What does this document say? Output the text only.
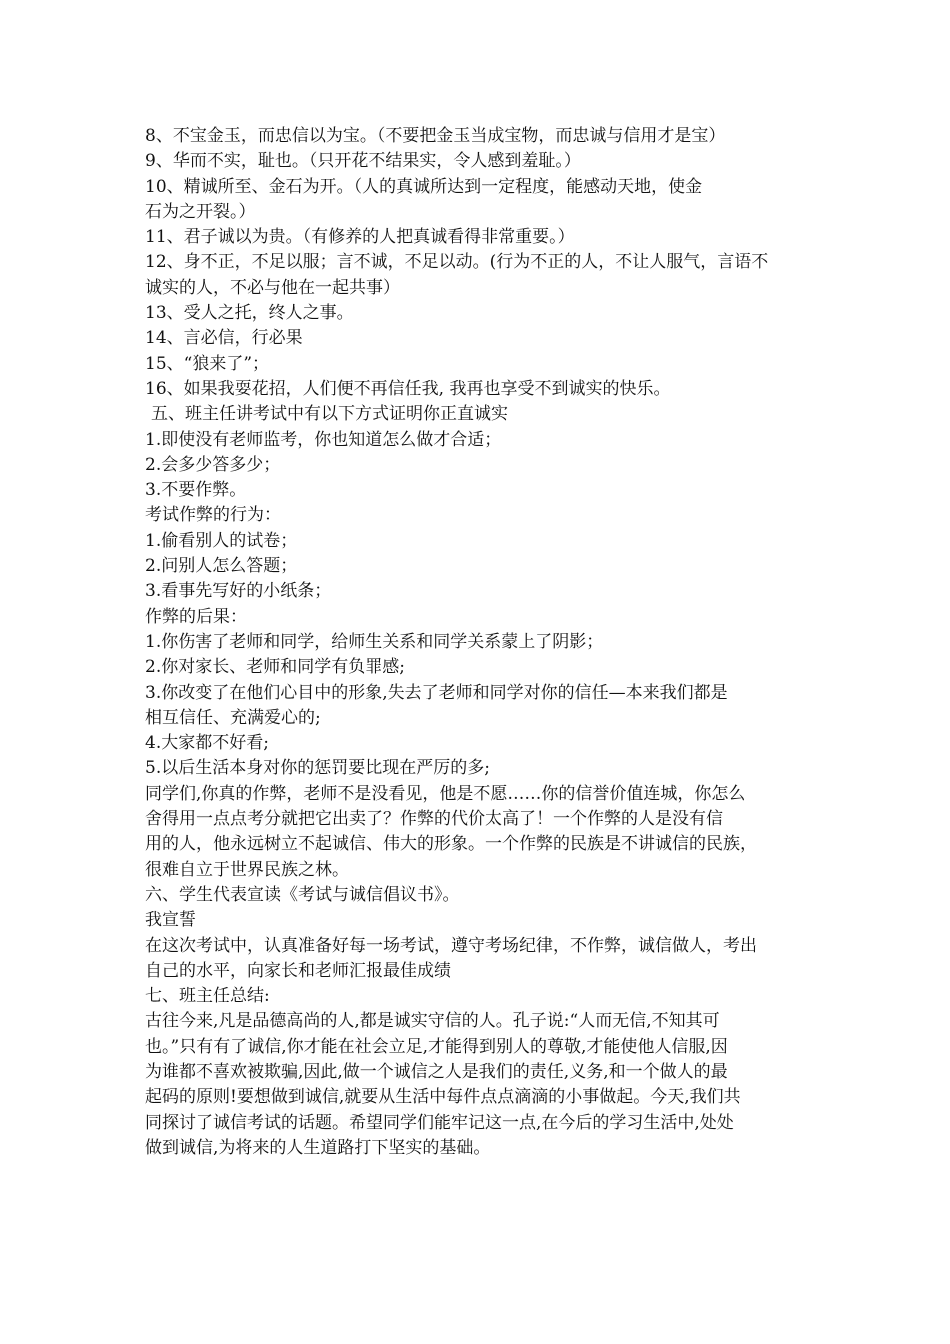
8、不宝金玉，而忠信以为宝。（不要把金玉当成宝物，而忠诚与信用才是宝）
9、华而不实，耻也。（只开花不结果实，令人感到羞耻。）
10、精诚所至、金石为开。（人的真诚所达到一定程度，能感动天地，使金
石为之开裂。）
11、君子诚以为贵。（有修养的人把真诚看得非常重要。）
12、身不正，不足以服；言不诚，不足以动。(行为不正的人，不让人服气，言语不
诚实的人，不必与他在一起共事）
13、受人之托，终人之事。
14、言必信，行必果
15、“狼来了”；
16、如果我耍花招，人们便不再信任我, 我再也享受不到诚实的快乐。
五、班主任讲考试中有以下方式证明你正直诚实
1.即使没有老师监考，你也知道怎么做才合适；
2.会多少答多少；
3.不要作弊。
考试作弊的行为：
1.偷看别人的试卷；
2.问别人怎么答题；
3.看事先写好的小纸条；
作弊的后果：
1.你伤害了老师和同学，给师生关系和同学关系蒙上了阴影；
2.你对家长、老师和同学有负罪感;
3.你改变了在他们心目中的形象,失去了老师和同学对你的信任—本来我们都是
相互信任、充满爱心的;
4.大家都不好看;
5.以后生活本身对你的惩罚要比现在严厉的多;
同学们,你真的作弊，老师不是没看见，他是不愿……你的信誉价值连城，你怎么
舍得用一点点考分就把它出卖了？作弊的代价太高了！一个作弊的人是没有信
用的人，他永远树立不起诚信、伟大的形象。一个作弊的民族是不讲诚信的民族，
很难自立于世界民族之林。
六、学生代表宣读《考试与诚信倡议书》。
我宣誓
在这次考试中，认真准备好每一场考试，遵守考场纪律，不作弊，诚信做人，考出
自己的水平，向家长和老师汇报最佳成绩
七、班主任总结:
古往今来,凡是品德高尚的人,都是诚实守信的人。孔子说:“人而无信,不知其可
也。”只有有了诚信,你才能在社会立足,才能得到别人的尊敬,才能使他人信服,因
为谁都不喜欢被欺骗,因此,做一个诚信之人是我们的责任,义务,和一个做人的最
起码的原则!要想做到诚信,就要从生活中每件点点滴滴的小事做起。今天,我们共
同探讨了诚信考试的话题。希望同学们能牢记这一点,在今后的学习生活中,处处
做到诚信,为将来的人生道路打下坚实的基础。
